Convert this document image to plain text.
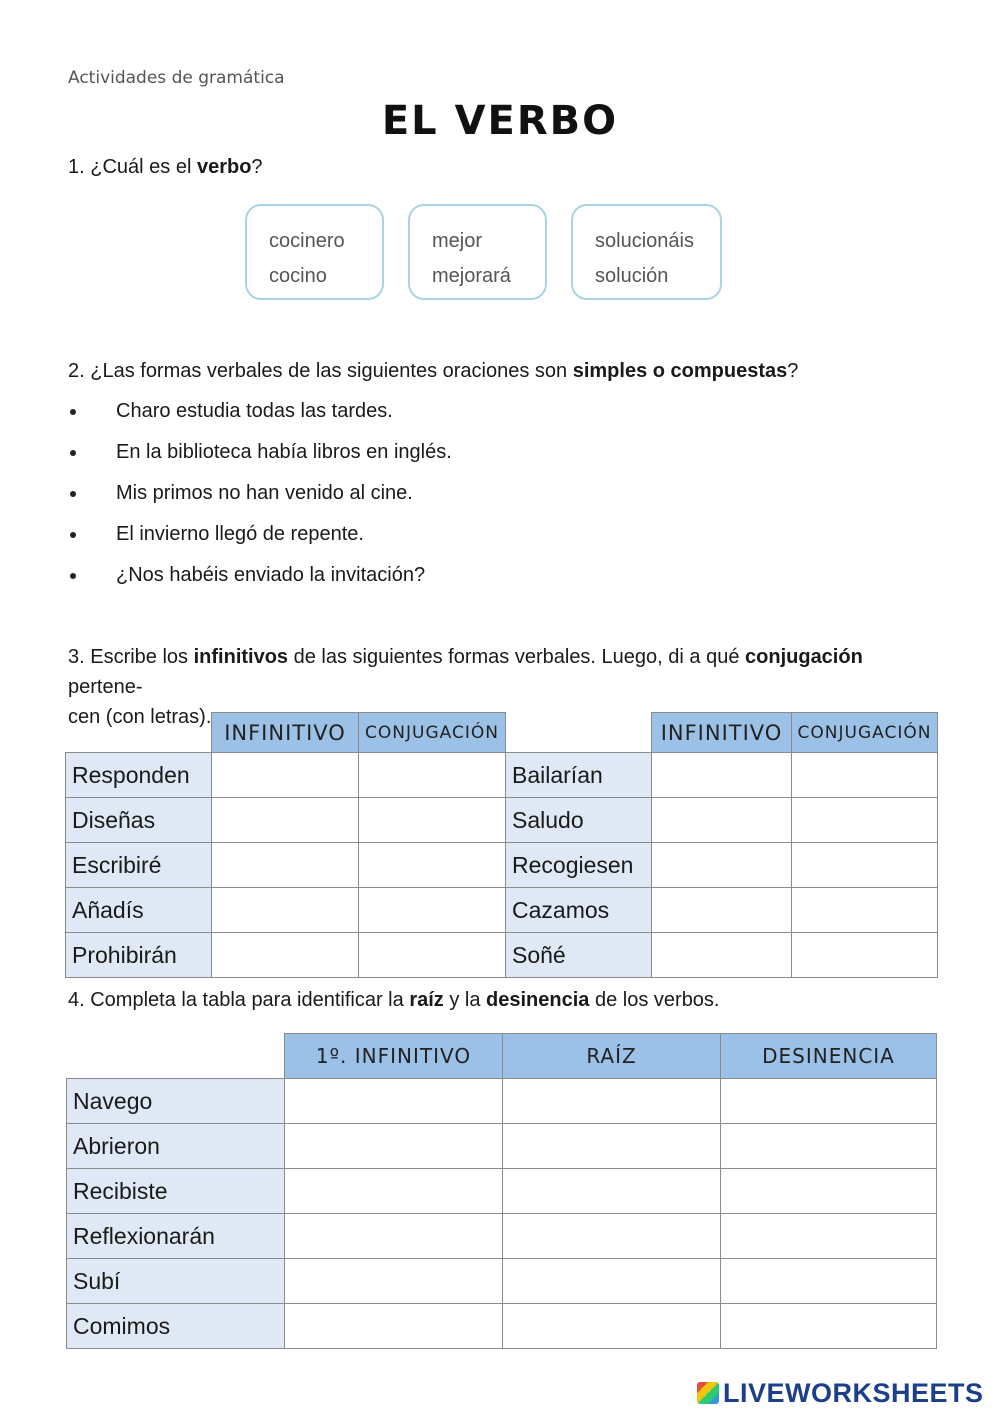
Actividades de gramática
EL VERBO
1. ¿Cuál es el verbo?
cocinero
cocino
mejor
mejorará
solucionáis
solución
2. ¿Las formas verbales de las siguientes oraciones son simples o compuestas?
Charo estudia todas las tardes.
En la biblioteca había libros en inglés.
Mis primos no han venido al cine.
El invierno llegó de repente.
¿Nos habéis enviado la invitación?
3. Escribe los infinitivos de las siguientes formas verbales. Luego, di a qué conjugación pertene-
cen (con letras).
	INFINITIVO	CONJUGACIÓN
Responden		
Diseñas		
Escribiré		
Añadís		
Prohibirán		
	INFINITIVO	CONJUGACIÓN
Bailarían		
Saludo		
Recogiesen		
Cazamos		
Soñé		
4. Completa la tabla para identificar la raíz y la desinencia de los verbos.
	1º. INFINITIVO	RAÍZ	DESINENCIA
Navego			
Abrieron			
Recibiste			
Reflexionarán			
Subí			
Comimos			
LIVEWORKSHEETS
